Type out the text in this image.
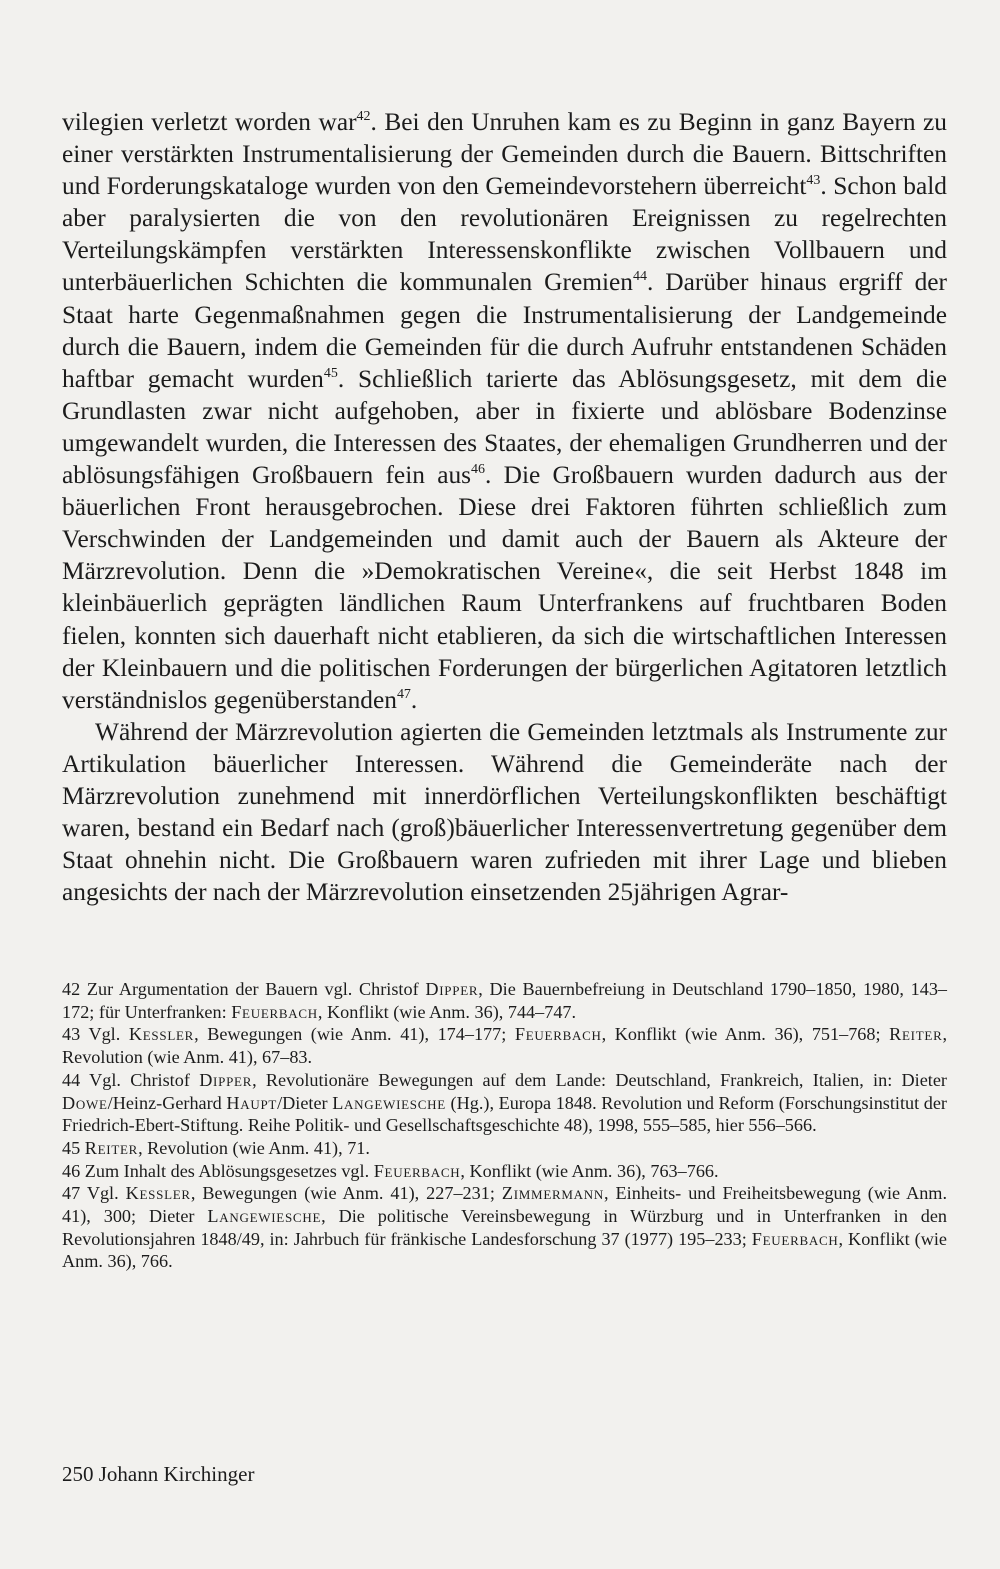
vilegien verletzt worden war$^{42}$. Bei den Unruhen kam es zu Beginn in ganz Bayern zu einer verstärkten Instrumentalisierung der Gemeinden durch die Bauern. Bittschriften und Forderungskataloge wurden von den Gemeindevorstehern überreicht$^{43}$. Schon bald aber paralysierten die von den revolutionären Ereignissen zu regelrechten Verteilungskämpfen verstärkten Interessenskonflikte zwischen Vollbauern und unterbäuerlichen Schichten die kommunalen Gremien$^{44}$. Darüber hinaus ergriff der Staat harte Gegenmaßnahmen gegen die Instrumentalisierung der Landgemeinde durch die Bauern, indem die Gemeinden für die durch Aufruhr entstandenen Schäden haftbar gemacht wurden$^{45}$. Schließlich tarierte das Ablösungsgesetz, mit dem die Grundlasten zwar nicht aufgehoben, aber in fixierte und ablösbare Bodenzinse umgewandelt wurden, die Interessen des Staates, der ehemaligen Grundherren und der ablösungsfähigen Großbauern fein aus$^{46}$. Die Großbauern wurden dadurch aus der bäuerlichen Front herausgebrochen. Diese drei Faktoren führten schließlich zum Verschwinden der Landgemeinden und damit auch der Bauern als Akteure der Märzrevolution. Denn die »Demokratischen Vereine«, die seit Herbst 1848 im kleinbäuerlich geprägten ländlichen Raum Unterfrankens auf fruchtbaren Boden fielen, konnten sich dauerhaft nicht etablieren, da sich die wirtschaftlichen Interessen der Kleinbauern und die politischen Forderungen der bürgerlichen Agitatoren letztlich verständnislos gegenüberstanden$^{47}$.

Während der Märzrevolution agierten die Gemeinden letztmals als Instrumente zur Artikulation bäuerlicher Interessen. Während die Gemeinderäte nach der Märzrevolution zunehmend mit innerdörflichen Verteilungskonflikten beschäftigt waren, bestand ein Bedarf nach (groß)bäuerlicher Interessenvertretung gegenüber dem Staat ohnehin nicht. Die Großbauern waren zufrieden mit ihrer Lage und blieben angesichts der nach der Märzrevolution einsetzenden 25jährigen Agrar-

42 Zur Argumentation der Bauern vgl. Christof Dipper, Die Bauernbefreiung in Deutschland 1790–1850, 1980, 143–172; für Unterfranken: Feuerbach, Konflikt (wie Anm. 36), 744–747.

43 Vgl. Kessler, Bewegungen (wie Anm. 41), 174–177; Feuerbach, Konflikt (wie Anm. 36), 751–768; Reiter, Revolution (wie Anm. 41), 67–83.

44 Vgl. Christof Dipper, Revolutionäre Bewegungen auf dem Lande: Deutschland, Frankreich, Italien, in: Dieter Dowe/Heinz-Gerhard Haupt/Dieter Langewiesche (Hg.), Europa 1848. Revolution und Reform (Forschungsinstitut der Friedrich-Ebert-Stiftung. Reihe Politik- und Gesellschaftsgeschichte 48), 1998, 555–585, hier 556–566.

45 Reiter, Revolution (wie Anm. 41), 71.

46 Zum Inhalt des Ablösungsgesetzes vgl. Feuerbach, Konflikt (wie Anm. 36), 763–766.

47 Vgl. Kessler, Bewegungen (wie Anm. 41), 227–231; Zimmermann, Einheits- und Freiheitsbewegung (wie Anm. 41), 300; Dieter Langewiesche, Die politische Vereinsbewegung in Würzburg und in Unterfranken in den Revolutionsjahren 1848/49, in: Jahrbuch für fränkische Landesforschung 37 (1977) 195–233; Feuerbach, Konflikt (wie Anm. 36), 766.

250 Johann Kirchinger
